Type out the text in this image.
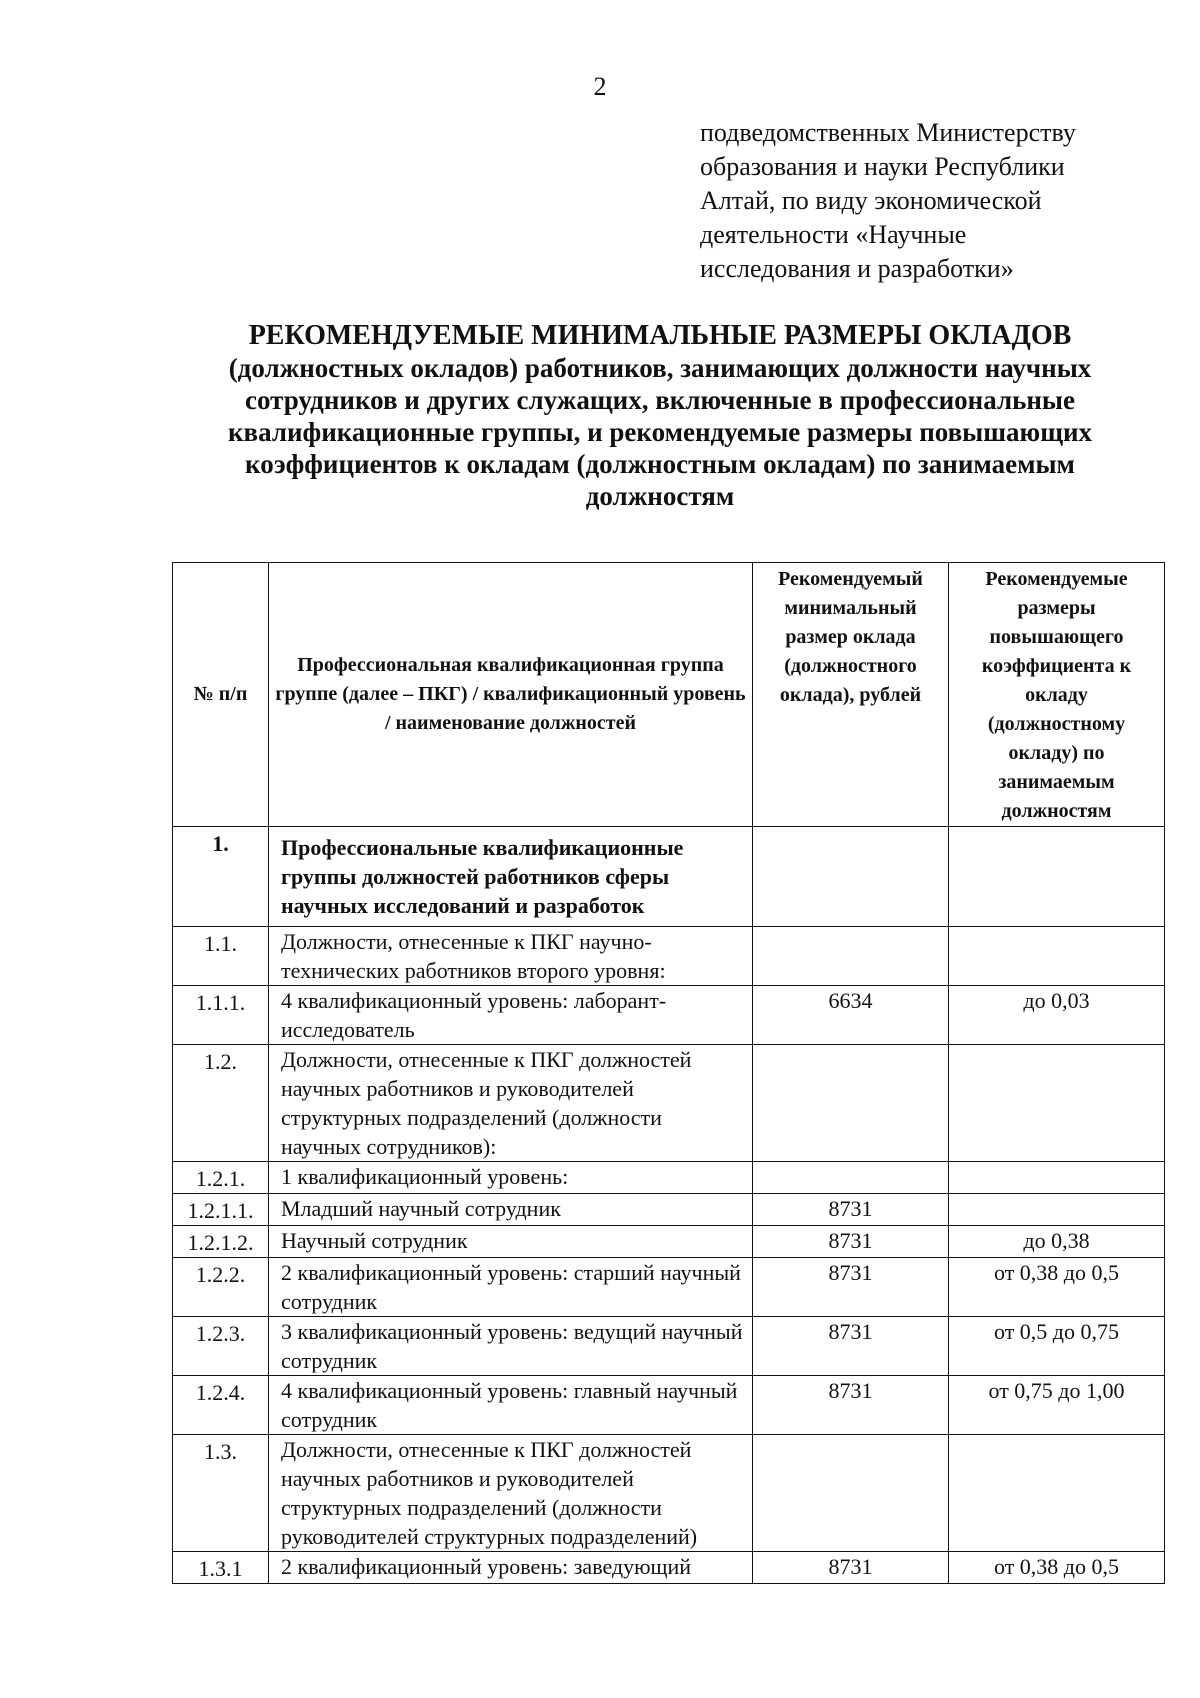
2
подведомственных Министерству
образования и науки Республики
Алтай, по виду экономической
деятельности «Научные
исследования и разработки»
РЕКОМЕНДУЕМЫЕ МИНИМАЛЬНЫЕ РАЗМЕРЫ ОКЛАДОВ
(должностных окладов) работников, занимающих должности научных
сотрудников и других служащих, включенные в профессиональные
квалификационные группы, и рекомендуемые размеры повышающих
коэффициентов к окладам (должностным окладам) по занимаемым
должностям
№ п/п	Профессиональная квалификационная группа группе (далее – ПКГ) / квалификационный уровень / наименование должностей	Рекомендуемый минимальный размер оклада (должностного оклада), рублей	Рекомендуемые размеры повышающего коэффициента к окладу (должностному окладу) по занимаемым должностям
1.	Профессиональные квалификационные группы должностей работников сферы научных исследований и разработок		
1.1.	Должности, отнесенные к ПКГ научно-технических работников второго уровня:		
1.1.1.	4 квалификационный уровень: лаборант-исследователь	6634	до 0,03
1.2.	Должности, отнесенные к ПКГ должностей научных работников и руководителей структурных подразделений (должности научных сотрудников):		
1.2.1.	1 квалификационный уровень:		
1.2.1.1.	Младший научный сотрудник	8731	
1.2.1.2.	Научный сотрудник	8731	до 0,38
1.2.2.	2 квалификационный уровень: старший научный сотрудник	8731	от 0,38 до 0,5
1.2.3.	3 квалификационный уровень: ведущий научный сотрудник	8731	от 0,5 до 0,75
1.2.4.	4 квалификационный уровень: главный научный сотрудник	8731	от 0,75 до 1,00
1.3.	Должности, отнесенные к ПКГ должностей научных работников и руководителей структурных подразделений (должности руководителей структурных подразделений)		
1.3.1	2 квалификационный уровень: заведующий	8731	от 0,38 до 0,5
